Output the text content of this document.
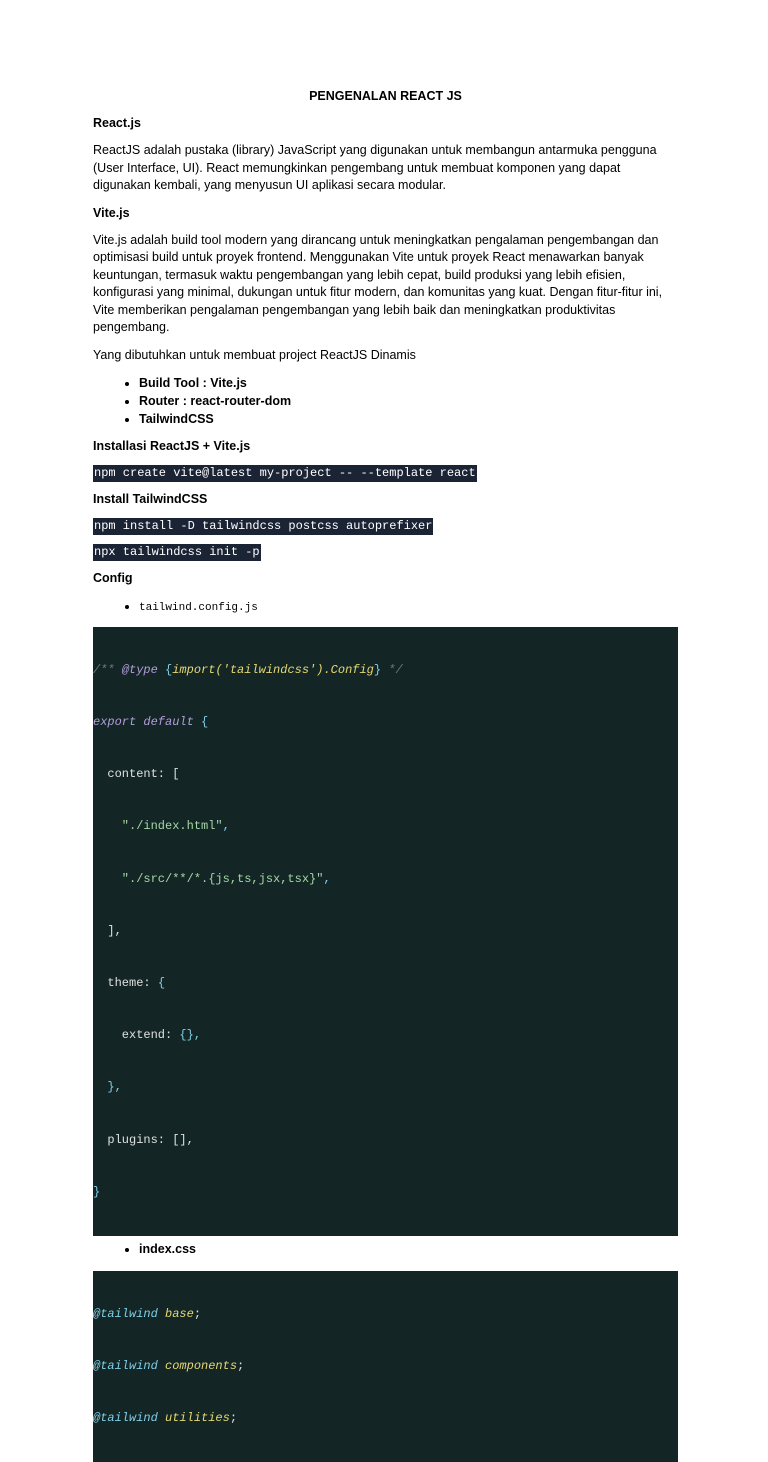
PENGENALAN REACT JS
React.js
ReactJS adalah pustaka (library) JavaScript yang digunakan untuk membangun antarmuka pengguna (User Interface, UI). React memungkinkan pengembang untuk membuat komponen yang dapat digunakan kembali, yang menyusun UI aplikasi secara modular.
Vite.js
Vite.js adalah build tool modern yang dirancang untuk meningkatkan pengalaman pengembangan dan optimisasi build untuk proyek frontend. Menggunakan Vite untuk proyek React menawarkan banyak keuntungan, termasuk waktu pengembangan yang lebih cepat, build produksi yang lebih efisien, konfigurasi yang minimal, dukungan untuk fitur modern, dan komunitas yang kuat. Dengan fitur-fitur ini, Vite memberikan pengalaman pengembangan yang lebih baik dan meningkatkan produktivitas pengembang.
Yang dibutuhkan untuk membuat project ReactJS Dinamis
• Build Tool : Vite.js
• Router : react-router-dom
• TailwindCSS
Installasi ReactJS + Vite.js
npm create vite@latest my-project -- --template react
Install TailwindCSS
npm install -D tailwindcss postcss autoprefixer
npx tailwindcss init -p
Config
• tailwind.config.js

/** @type {import('tailwindcss').Config} */

export default {

content: [

"./index.html",

"./src/**/*.{js,ts,jsx,tsx}",

],

theme: {

extend: {},

},

plugins: [],

}

• index.css

@tailwind base;

@tailwind components;

@tailwind utilities;
